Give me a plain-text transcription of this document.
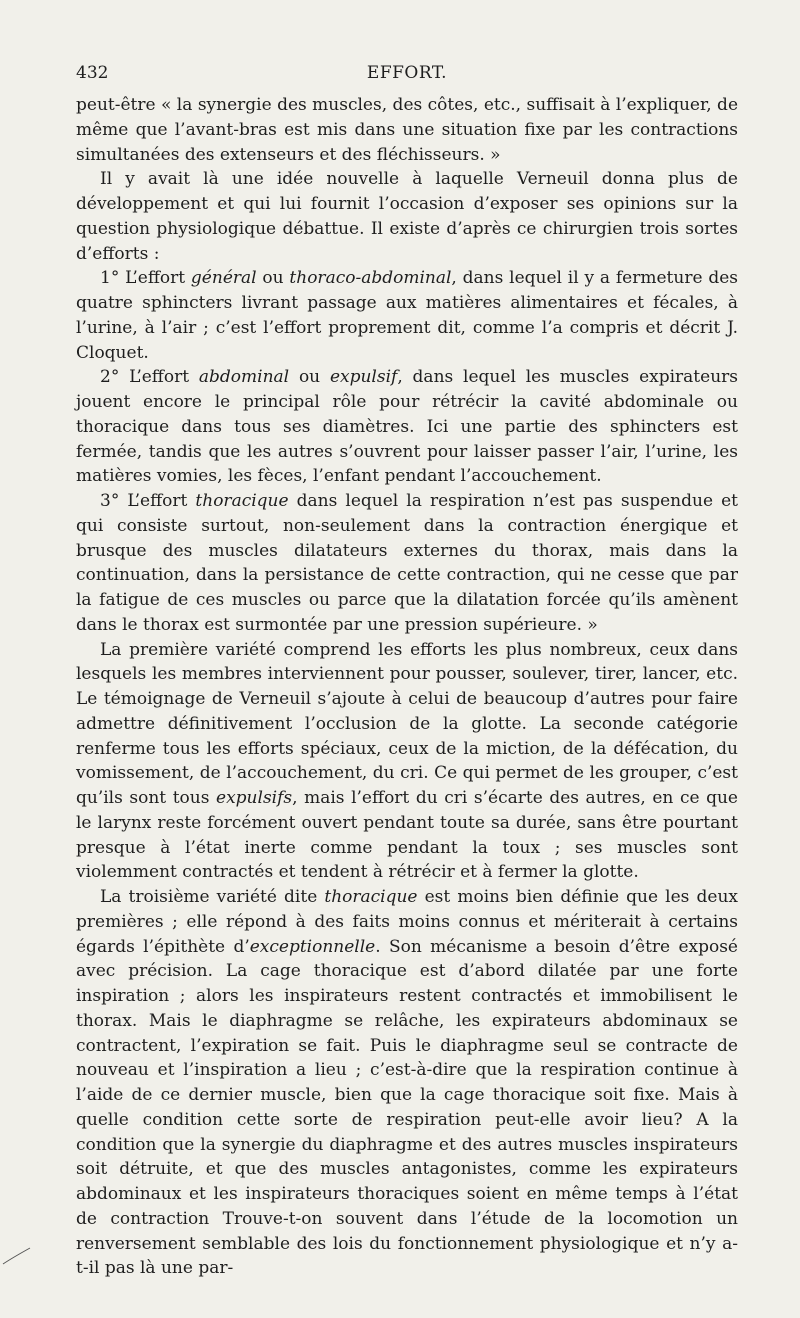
432	EFFORT.

peut-être « la synergie des muscles, des côtes, etc., suffisait à l’expliquer, de même que l’avant-bras est mis dans une situation fixe par les contractions simultanées des extenseurs et des fléchisseurs. »

Il y avait là une idée nouvelle à laquelle Verneuil donna plus de développement et qui lui fournit l’occasion d’exposer ses opinions sur la question physiologique débattue. Il existe d’après ce chirurgien trois sortes d’efforts :

1° L’effort général ou thoraco-abdominal, dans lequel il y a fermeture des quatre sphincters livrant passage aux matières alimentaires et fécales, à l’urine, à l’air ; c’est l’effort proprement dit, comme l’a compris et décrit J. Cloquet.

2° L’effort abdominal ou expulsif, dans lequel les muscles expirateurs jouent encore le principal rôle pour rétrécir la cavité abdominale ou thoracique dans tous ses diamètres. Ici une partie des sphincters est fermée, tandis que les autres s’ouvrent pour laisser passer l’air, l’urine, les matières vomies, les fèces, l’enfant pendant l’accouchement.

3° L’effort thoracique dans lequel la respiration n’est pas suspendue et qui consiste surtout, non-seulement dans la contraction énergique et brusque des muscles dilatateurs externes du thorax, mais dans la continuation, dans la persistance de cette contraction, qui ne cesse que par la fatigue de ces muscles ou parce que la dilatation forcée qu’ils amènent dans le thorax est surmontée par une pression supérieure. »

La première variété comprend les efforts les plus nombreux, ceux dans lesquels les membres interviennent pour pousser, soulever, tirer, lancer, etc. Le témoignage de Verneuil s’ajoute à celui de beaucoup d’autres pour faire admettre définitivement l’occlusion de la glotte. La seconde catégorie renferme tous les efforts spéciaux, ceux de la miction, de la défécation, du vomissement, de l’accouchement, du cri. Ce qui permet de les grouper, c’est qu’ils sont tous expulsifs, mais l’effort du cri s’écarte des autres, en ce que le larynx reste forcément ouvert pendant toute sa durée, sans être pourtant presque à l’état inerte comme pendant la toux ; ses muscles sont violemment contractés et tendent à rétrécir et à fermer la glotte.

La troisième variété dite thoracique est moins bien définie que les deux premières ; elle répond à des faits moins connus et mériterait à certains égards l’épithète d’exceptionnelle. Son mécanisme a besoin d’être exposé avec précision. La cage thoracique est d’abord dilatée par une forte inspiration ; alors les inspirateurs restent contractés et immobilisent le thorax. Mais le diaphragme se relâche, les expirateurs abdominaux se contractent, l’expiration se fait. Puis le diaphragme seul se contracte de nouveau et l’inspiration a lieu ; c’est-à-dire que la respiration continue à l’aide de ce dernier muscle, bien que la cage thoracique soit fixe. Mais à quelle condition cette sorte de respiration peut-elle avoir lieu? A la condition que la synergie du diaphragme et des autres muscles inspirateurs soit détruite, et que des muscles antagonistes, comme les expirateurs abdominaux et les inspirateurs thoraciques soient en même temps à l’état de contraction Trouve-t-on souvent dans l’étude de la locomotion un renversement semblable des lois du fonctionnement physiologique et n’y a-t-il pas là une par-
